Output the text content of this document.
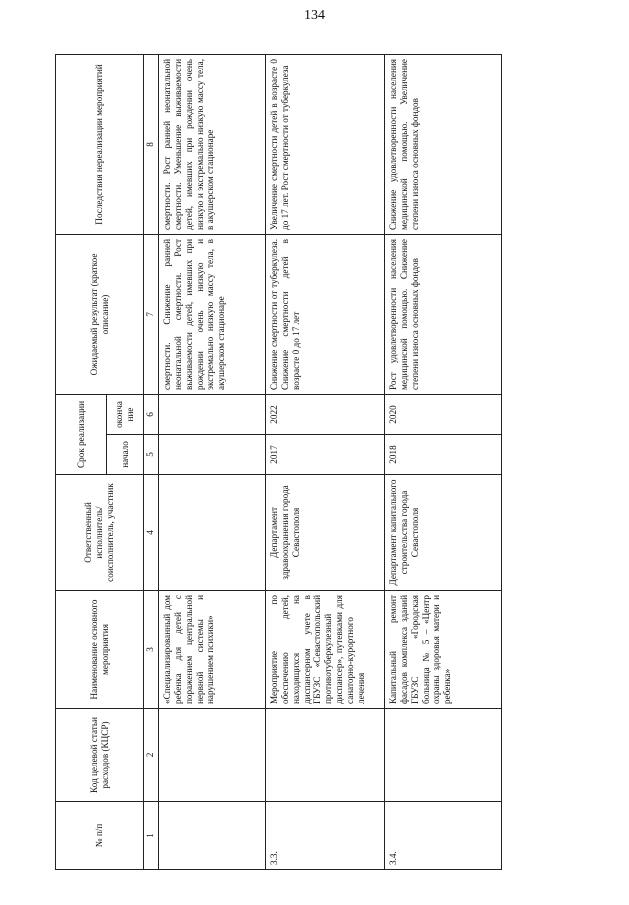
134
№ п/п	Код целевой статьи расходов (КЦСР)	Наименование основного мероприятия	Ответственный исполнитель/ соисполнитель, участник	Срок реализации		Ожидаемый результат (краткое описание)	Последствия нереализации мероприятий
				начало	оконча ние		
1	2	3	4	5	6	7	8
		«Специализированный дом ребенка для детей с поражением центральной нервной системы и нарушением психики»				смертности. Снижение ранней неонатальной смертности. Рост выживаемости детей, имевших при рождении очень низкую и экстремально низкую массу тела, в акушерском стационаре	смертности. Рост ранней неонатальной смертности. Уменьшение выживаемости детей, имевших при рождении очень низкую и экстремально низкую массу тела, в акушерском стационаре
3.3.		Мероприятие по обеспечению детей, находящихся на диспансерном учете в ГБУЗС «Севастопольский противотуберкулезный диспансер», путевками для санаторно-курортного лечения	Департамент здравоохранения города Севастополя	2017	2022	Снижение смертности от туберкулеза. Снижение смертности детей в возрасте 0 до 17 лет	Увеличение смертности детей в возрасте 0 до 17 лет. Рост смертности от туберкулеза
3.4.		Капитальный ремонт фасадов комплекса зданий ГБУЗС «Городская больница № 5 – «Центр охраны здоровья матери и ребенка»	Департамент капитального строительства города Севастополя	2018	2020	Рост удовлетворенности населения медицинской помощью. Снижение степени износа основных фондов	Снижение удовлетворенности населения медицинской помощью. Увеличение степени износа основных фондов
